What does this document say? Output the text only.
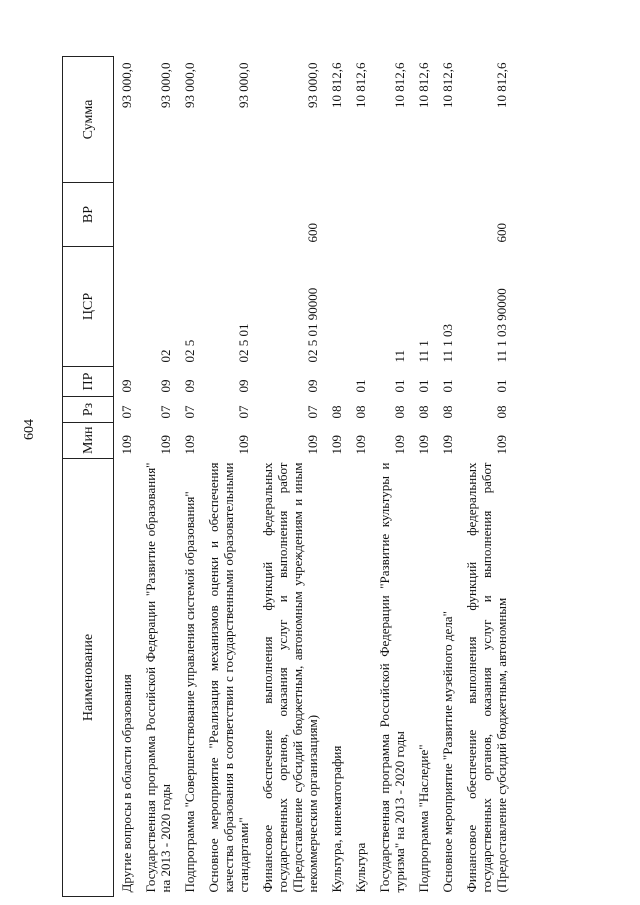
604
Наименование	Мин	Рз	ПР	ЦСР	ВР	Сумма
Другие вопросы в области образования	109	07	09			93 000,0
Государственная программа Российской Федерации "Развитие образования" на 2013 - 2020 годы	109	07	09	02		93 000,0
Подпрограмма "Совершенствование управления системой образования"	109	07	09	02 5		93 000,0
Основное мероприятие "Реализация механизмов оценки и обеспечения качества образования в соответствии с государственными образовательными стандартами"	109	07	09	02 5 01		93 000,0
Финансовое обеспечение выполнения функций федеральных государственных органов, оказания услуг и выполнения работ (Предоставление субсидий бюджетным, автономным учреждениям и иным некоммерческим организациям)	109	07	09	02 5 01 90000	600	93 000,0
Культура, кинематография	109	08				10 812,6
Культура	109	08	01			10 812,6
Государственная программа Российской Федерации "Развитие культуры и туризма" на 2013 - 2020 годы	109	08	01	11		10 812,6
Подпрограмма "Наследие"	109	08	01	11 1		10 812,6
Основное мероприятие "Развитие музейного дела"	109	08	01	11 1 03		10 812,6
Финансовое обеспечение выполнения функций федеральных государственных органов, оказания услуг и выполнения работ (Предоставление субсидий бюджетным, автономным	109	08	01	11 1 03 90000	600	10 812,6
